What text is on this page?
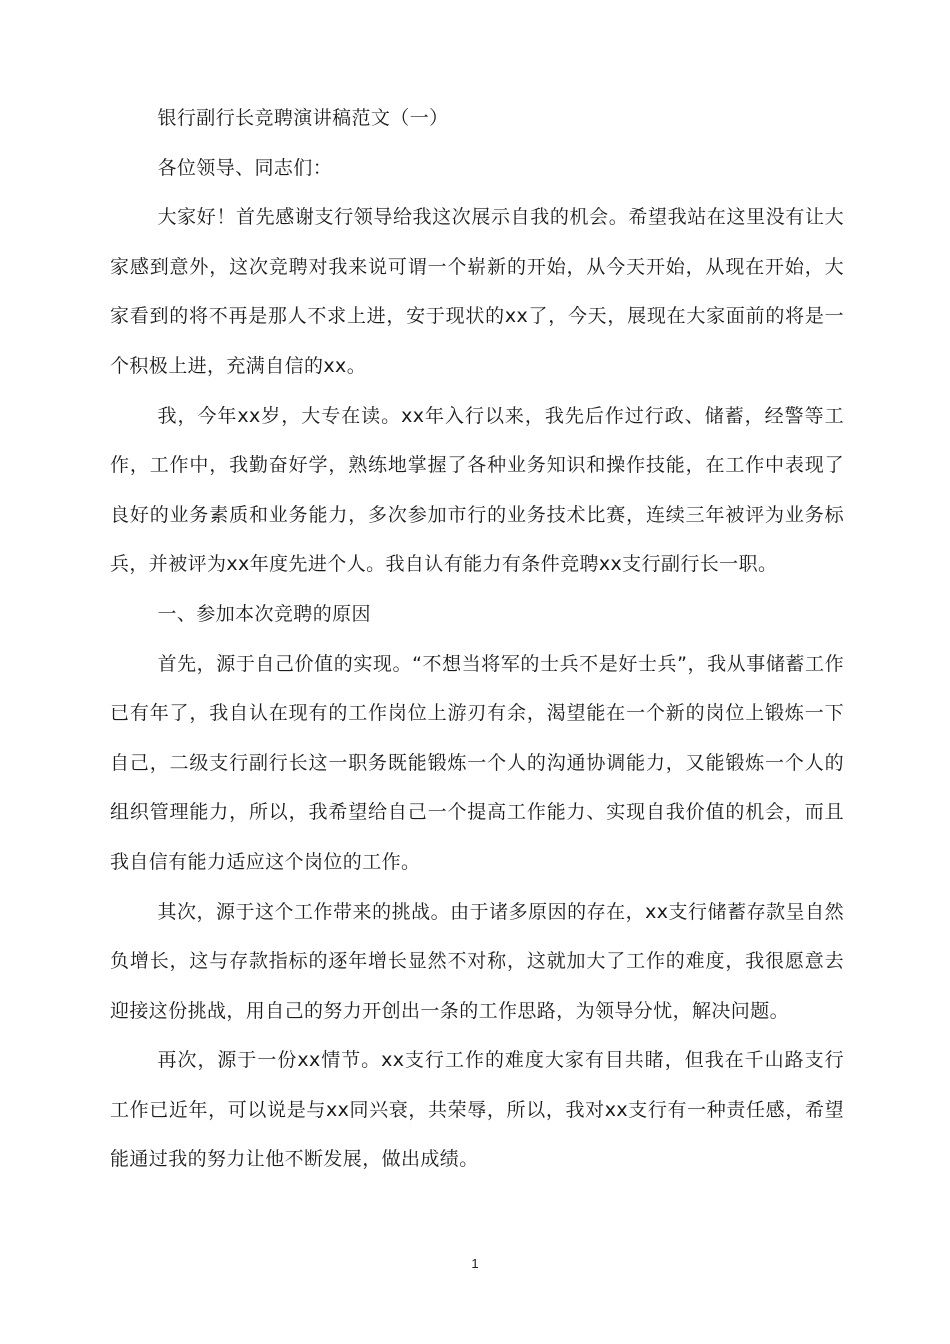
银行副行长竞聘演讲稿范文（一）

各位领导、同志们：

大家好！首先感谢支行领导给我这次展示自我的机会。希望我站在这里没有让大家感到意外，这次竞聘对我来说可谓一个崭新的开始，从今天开始，从现在开始，大家看到的将不再是那人不求上进，安于现状的xx了，今天，展现在大家面前的将是一个积极上进，充满自信的xx。

我，今年xx岁，大专在读。xx年入行以来，我先后作过行政、储蓄，经警等工作，工作中，我勤奋好学，熟练地掌握了各种业务知识和操作技能，在工作中表现了良好的业务素质和业务能力，多次参加市行的业务技术比赛，连续三年被评为业务标兵，并被评为xx年度先进个人。我自认有能力有条件竞聘xx支行副行长一职。

一、参加本次竞聘的原因

首先，源于自己价值的实现。“不想当将军的士兵不是好士兵”，我从事储蓄工作已有年了，我自认在现有的工作岗位上游刃有余，渴望能在一个新的岗位上锻炼一下自己，二级支行副行长这一职务既能锻炼一个人的沟通协调能力，又能锻炼一个人的组织管理能力，所以，我希望给自己一个提高工作能力、实现自我价值的机会，而且我自信有能力适应这个岗位的工作。

其次，源于这个工作带来的挑战。由于诸多原因的存在，xx支行储蓄存款呈自然负增长，这与存款指标的逐年增长显然不对称，这就加大了工作的难度，我很愿意去迎接这份挑战，用自己的努力开创出一条的工作思路，为领导分忧，解决问题。

再次，源于一份xx情节。xx支行工作的难度大家有目共睹，但我在千山路支行工作已近年，可以说是与xx同兴衰，共荣辱，所以，我对xx支行有一种责任感，希望能通过我的努力让他不断发展，做出成绩。

1
